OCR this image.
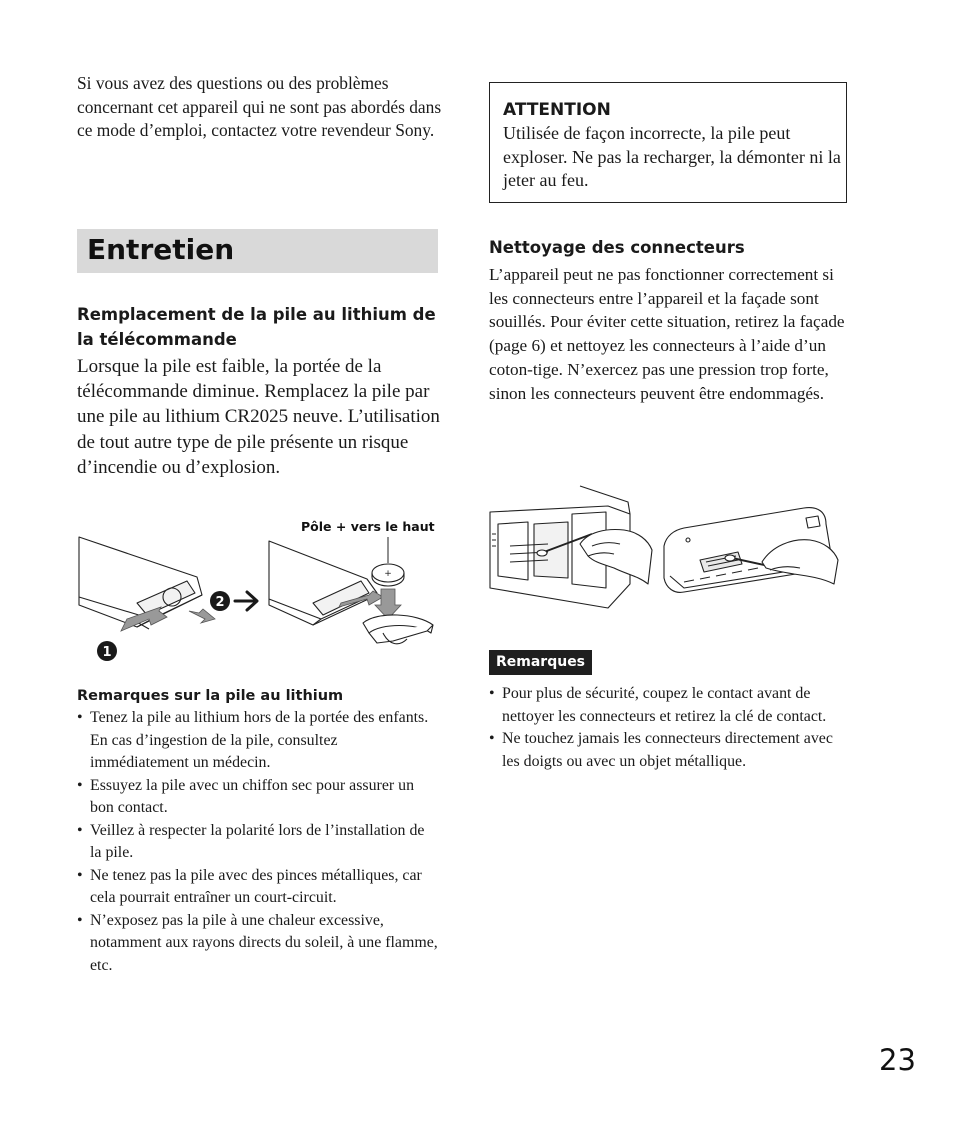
Si vous avez des questions ou des problèmes concernant cet appareil qui ne sont pas abordés dans ce mode d’emploi, contactez votre revendeur Sony.
Entretien
Remplacement de la pile au lithium de la télécommande
Lorsque la pile est faible, la portée de la télécommande diminue. Remplacez la pile par une pile au lithium CR2025 neuve. L’utilisation de tout autre type de pile présente un risque d’incendie ou d’explosion.
2
1
+
Pôle + vers le haut
Remarques sur la pile au lithium
• Tenez la pile au lithium hors de la portée des enfants. En cas d’ingestion de la pile, consultez immédiatement un médecin.
• Essuyez la pile avec un chiffon sec pour assurer un bon contact.
• Veillez à respecter la polarité lors de l’installation de la pile.
• Ne tenez pas la pile avec des pinces métalliques, car cela pourrait entraîner un court-circuit.
• N’exposez pas la pile à une chaleur excessive, notamment aux rayons directs du soleil, à une flamme, etc.
ATTENTION
Utilisée de façon incorrecte, la pile peut exploser. Ne pas la recharger, la démonter ni la jeter au feu.
Nettoyage des connecteurs
L’appareil peut ne pas fonctionner correctement si les connecteurs entre l’appareil et la façade sont souillés. Pour éviter cette situation, retirez la façade (page 6) et nettoyez les connecteurs à l’aide d’un coton-tige. N’exercez pas une pression trop forte, sinon les connecteurs peuvent être endommagés.
Remarques
• Pour plus de sécurité, coupez le contact avant de nettoyer les connecteurs et retirez la clé de contact.
• Ne touchez jamais les connecteurs directement avec les doigts ou avec un objet métallique.
23
